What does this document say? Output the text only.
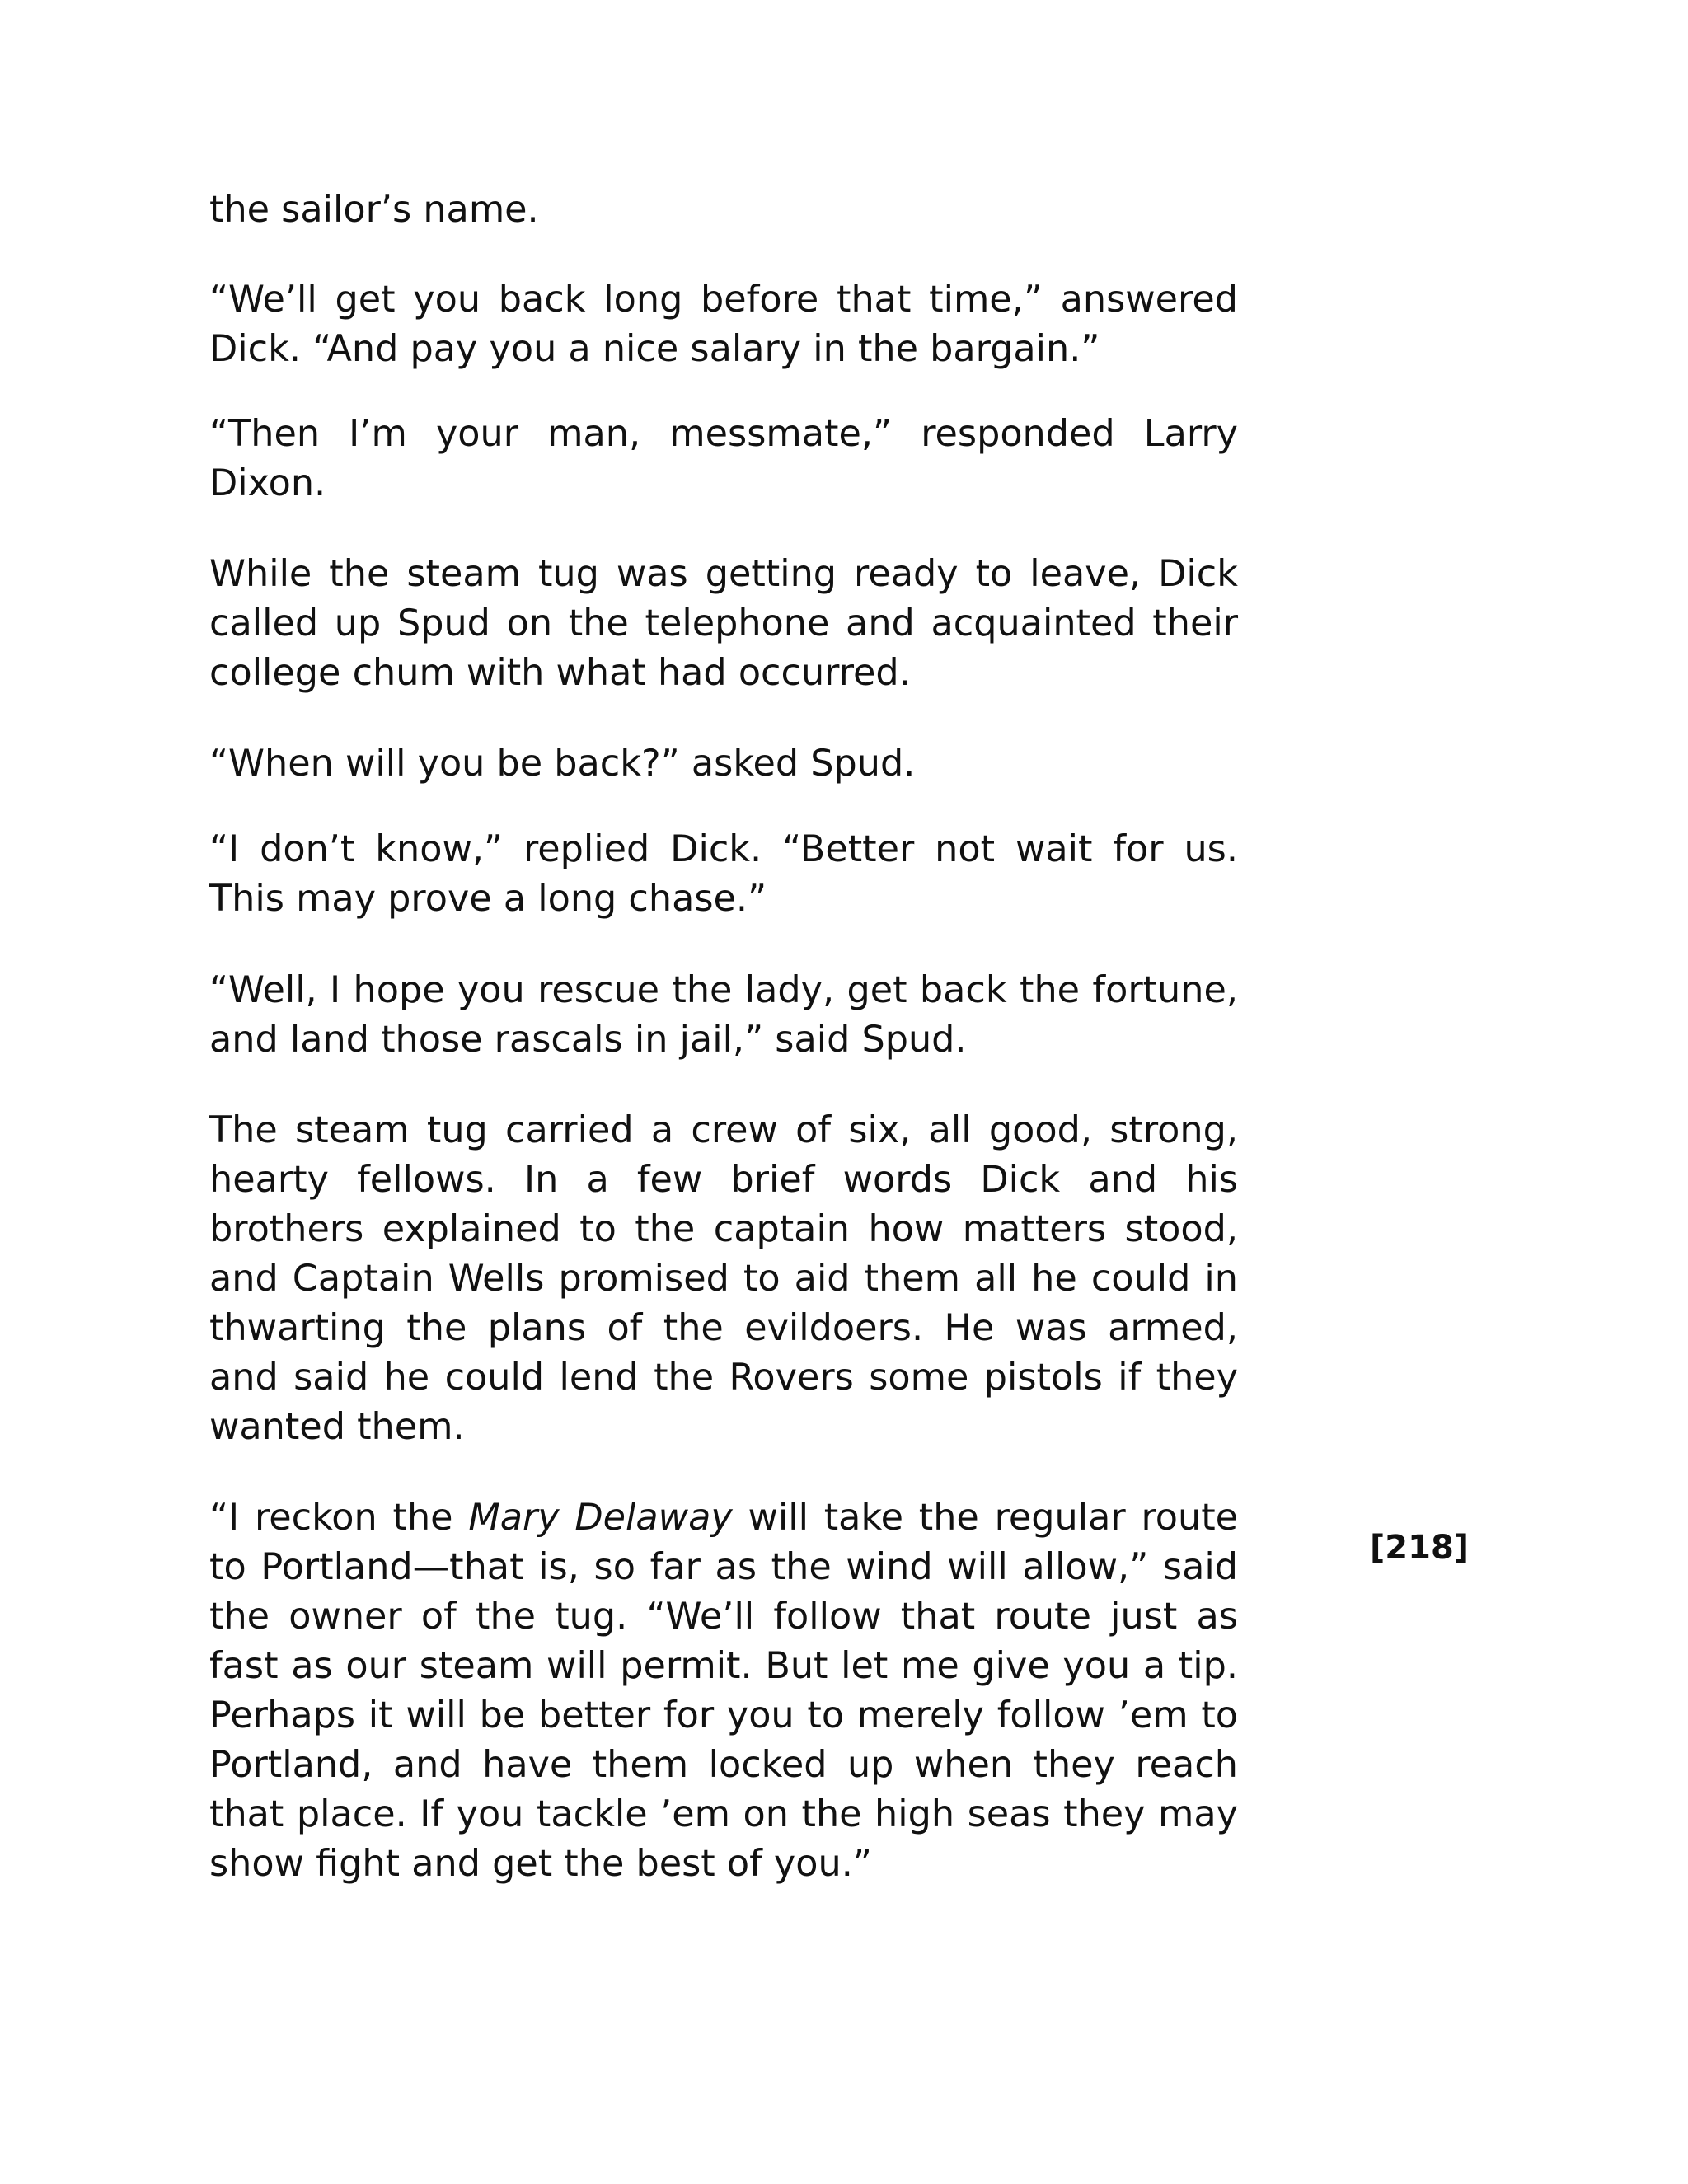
the sailor’s name.

“We’ll get you back long before that time,” answered Dick. “And pay you a nice salary in the bargain.”

“Then I’m your man, messmate,” responded Larry Dixon.

While the steam tug was getting ready to leave, Dick called up Spud on the telephone and acquainted their college chum with what had occurred.

“When will you be back?” asked Spud.

“I don’t know,” replied Dick. “Better not wait for us. This may prove a long chase.”

“Well, I hope you rescue the lady, get back the fortune, and land those rascals in jail,” said Spud.

The steam tug carried a crew of six, all good, strong, hearty fellows. In a few brief words Dick and his brothers explained to the captain how matters stood, and Captain Wells promised to aid them all he could in thwarting the plans of the evildoers. He was armed, and said he could lend the Rovers some pistols if they wanted them.

“I reckon the Mary Delaway will take the regular route to Portland—that is, so far as the wind will allow,” said the owner of the tug. “We’ll follow that route just as fast as our steam will permit. But let me give you a tip. Perhaps it will be better for you to merely follow ’em to Portland, and have them locked up when they reach that place. If you tackle ’em on the high seas they may show fight and get the best of you.”

[218]
